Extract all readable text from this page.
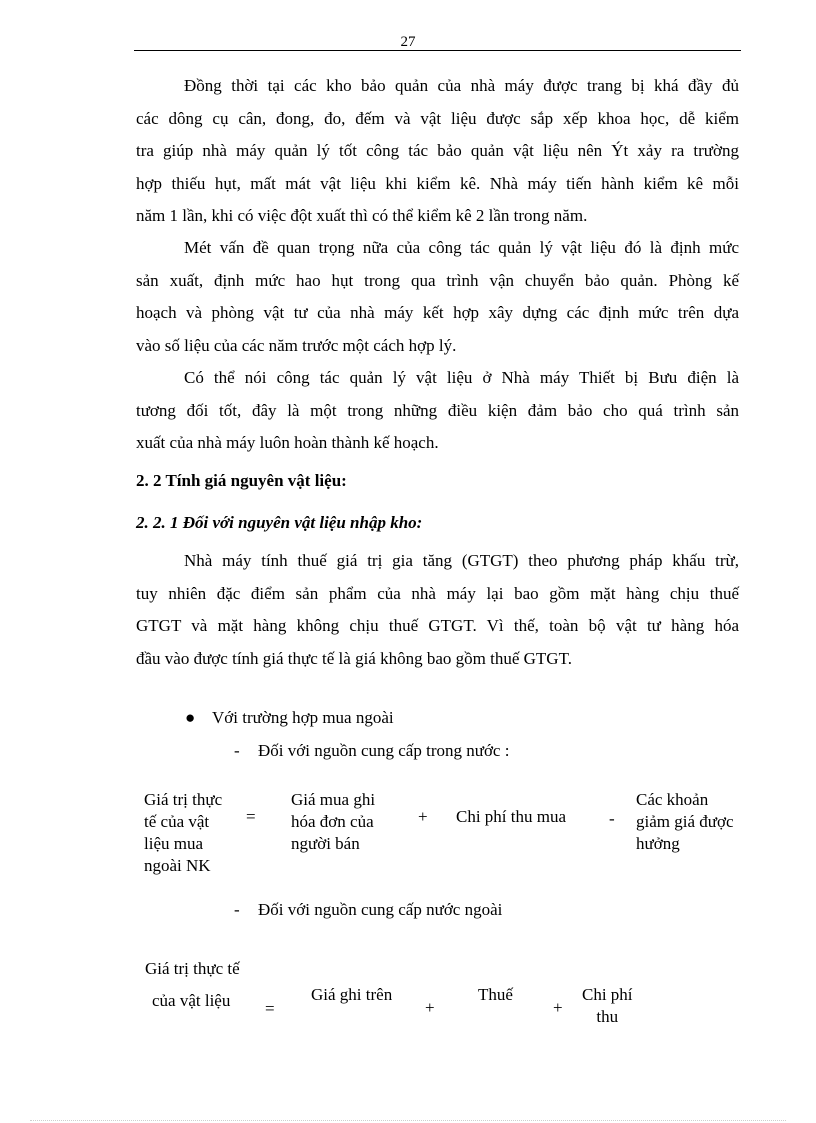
27

Đồng thời tại các kho bảo quản của nhà máy được trang bị khá đầy đủ
các dông cụ cân, đong, đo, đếm và vật liệu được sắp xếp khoa học, dễ kiểm
tra giúp nhà máy quản lý tốt công tác bảo quản vật liệu nên Ýt xảy ra trường
hợp thiếu hụt, mất mát vật liệu khi kiểm kê. Nhà máy tiến hành kiểm kê mỗi
năm 1 lần, khi có việc đột xuất thì có thể kiểm kê 2 lần trong năm.

Mét vấn đề quan trọng nữa của công tác quản lý vật liệu đó là định mức
sản xuất, định mức hao hụt trong qua trình vận chuyển bảo quản. Phòng kế
hoạch và phòng vật tư của nhà máy kết hợp xây dựng các định mức trên dựa
vào số liệu của các năm trước một cách hợp lý.

Có thể nói công tác quản lý vật liệu ở Nhà máy Thiết bị Bưu điện là
tương đối tốt, đây là một trong những điều kiện đảm bảo cho quá trình sản
xuất của nhà máy luôn hoàn thành kế hoạch.

2. 2 Tính giá nguyên vật liệu:
2. 2. 1 Đối với nguyên vật liệu nhập kho:

Nhà máy tính thuế giá trị gia tăng (GTGT) theo phương pháp khấu trừ,
tuy nhiên đặc điểm sản phẩm của nhà máy lại bao gồm mặt hàng chịu thuế
GTGT và mặt hàng không chịu thuế GTGT. Vì thế, toàn bộ vật tư hàng hóa
đầu vào được tính giá thực tế là giá không bao gồm thuế GTGT.

● Với trường hợp mua ngoài
- Đối với nguồn cung cấp trong nước :
Giá trị thực
tế của vật
liệu mua
ngoài NK
=
Giá mua ghi
hóa đơn của
người bán
+ Chi phí thu mua	-
Các khoản
giảm giá được
hưởng
- Đối với nguồn cung cấp nước ngoài
Giá trị thực tế
của vật liệu =
Giá ghi trên
+
Thuế
+
Chi phí
thu
